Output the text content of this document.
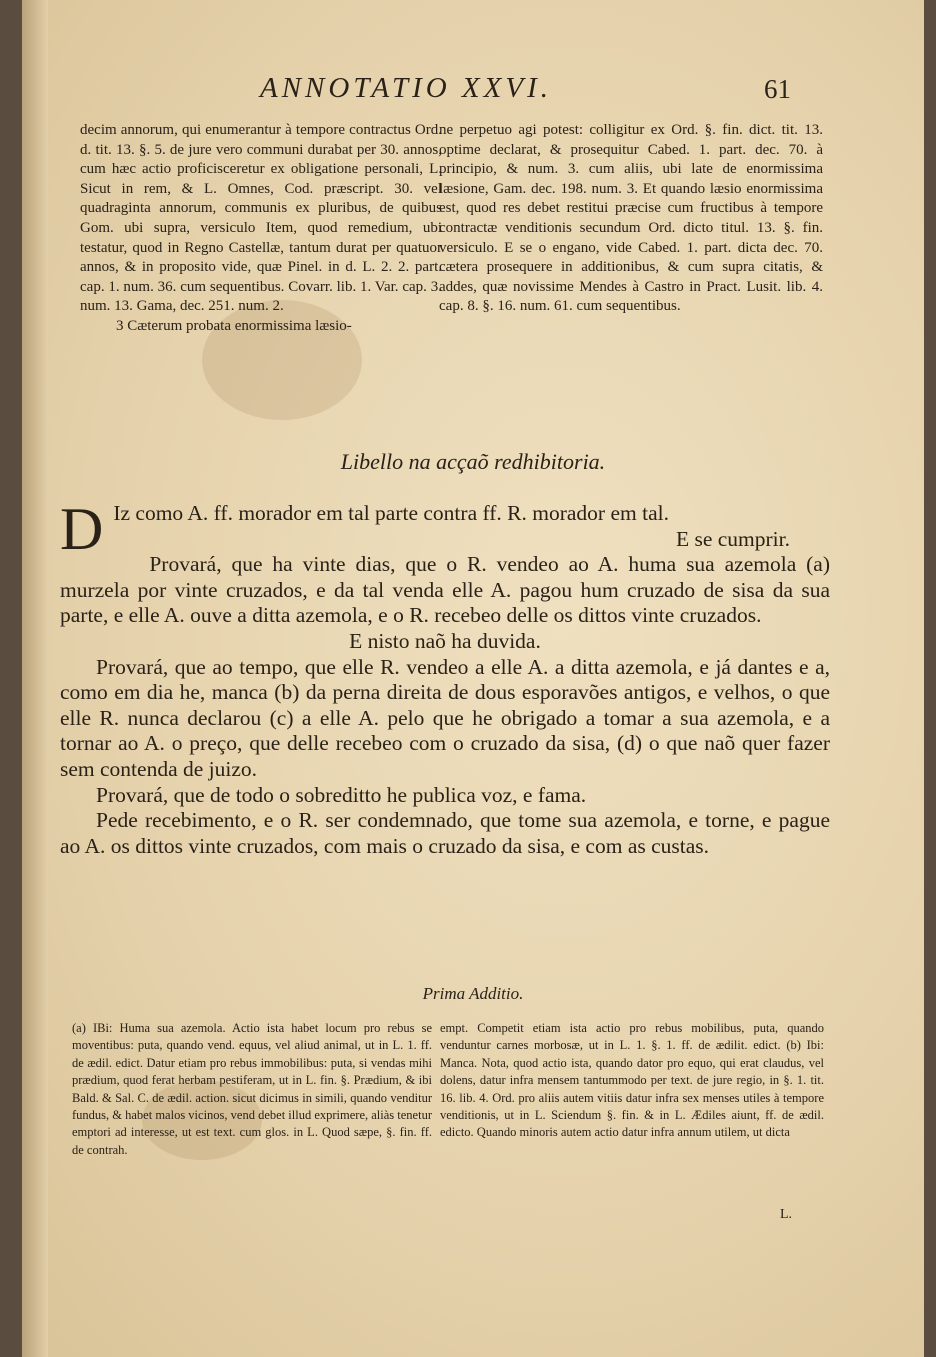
ANNOTATIO XXVI.	61

decim annorum, qui enumerantur à tempore contractus Ord. d. tit. 13. §. 5. de jure vero communi durabat per 30. annos, cum hæc actio proficisceretur ex obligatione personali, L. Sicut in rem, & L. Omnes, Cod. præscript. 30. vel quadraginta annorum, communis ex pluribus, de quibus Gom. ubi supra, versiculo Item, quod remedium, ubi testatur, quod in Regno Castellæ, tantum durat per quatuor annos, & in proposito vide, quæ Pinel. in d. L. 2. 2. part. cap. 1. num. 36. cum sequentibus. Covarr. lib. 1. Var. cap. 3. num. 13. Gama, dec. 251. num. 2.

3 Cæterum probata enormissima læsio-

ne perpetuo agi potest: colligitur ex Ord. §. fin. dict. tit. 13. optime declarat, & prosequitur Cabed. 1. part. dec. 70. à principio, & num. 3. cum aliis, ubi late de enormissima læsione, Gam. dec. 198. num. 3. Et quando læsio enormissima est, quod res debet restitui præcise cum fructibus à tempore contractæ venditionis secundum Ord. dicto titul. 13. §. fin. versiculo. E se o engano, vide Cabed. 1. part. dicta dec. 70. cætera prosequere in additionibus, & cum supra citatis, & addes, quæ novissime Mendes à Castro in Pract. Lusit. lib. 4. cap. 8. §. 16. num. 61. cum sequentibus.

Libello na acçaõ redhibitoria.

D Iz como A. ff. morador em tal parte contra ff. R. morador em tal.

E se cumprir.

Provará, que ha vinte dias, que o R. vendeo ao A. huma sua azemola (a) murzela por vinte cruzados, e da tal venda elle A. pagou hum cruzado de sisa da sua parte, e elle A. ouve a ditta azemola, e o R. recebeo delle os dittos vinte cruzados.

E nisto naõ ha duvida.

Provará, que ao tempo, que elle R. vendeo a elle A. a ditta azemola, e já dantes e a, como em dia he, manca (b) da perna direita de dous esporavões antigos, e velhos, o que elle R. nunca declarou (c) a elle A. pelo que he obrigado a tomar a sua azemola, e a tornar ao A. o preço, que delle recebeo com o cruzado da sisa, (d) o que naõ quer fazer sem contenda de juizo.

Provará, que de todo o sobreditto he publica voz, e fama.

Pede recebimento, e o R. ser condemnado, que tome sua azemola, e torne, e pague ao A. os dittos vinte cruzados, com mais o cruzado da sisa, e com as custas.

Prima Additio.

(a) IBi: Huma sua azemola. Actio ista habet locum pro rebus se moventibus: puta, quando vend. equus, vel aliud animal, ut in L. 1. ff. de ædil. edict. Datur etiam pro rebus immobilibus: puta, si vendas mihi prædium, quod ferat herbam pestiferam, ut in L. fin. §. Prædium, & ibi Bald. & Sal. C. de ædil. action. sicut dicimus in simili, quando venditur fundus, & habet malos vicinos, vend debet illud exprimere, aliàs tenetur emptori ad interesse, ut est text. cum glos. in L. Quod sæpe, §. fin. ff. de contrah.

empt. Competit etiam ista actio pro rebus mobilibus, puta, quando venduntur carnes morbosæ, ut in L. 1. §. 1. ff. de ædilit. edict. (b) Ibi: Manca. Nota, quod actio ista, quando dator pro equo, qui erat claudus, vel dolens, datur infra mensem tantummodo per text. de jure regio, in §. 1. tit. 16. lib. 4. Ord. pro aliis autem vitiis datur infra sex menses utiles à tempore venditionis, ut in L. Sciendum §. fin. & in L. Ædiles aiunt, ff. de ædil. edicto. Quando minoris autem actio datur infra annum utilem, ut dicta

L.
